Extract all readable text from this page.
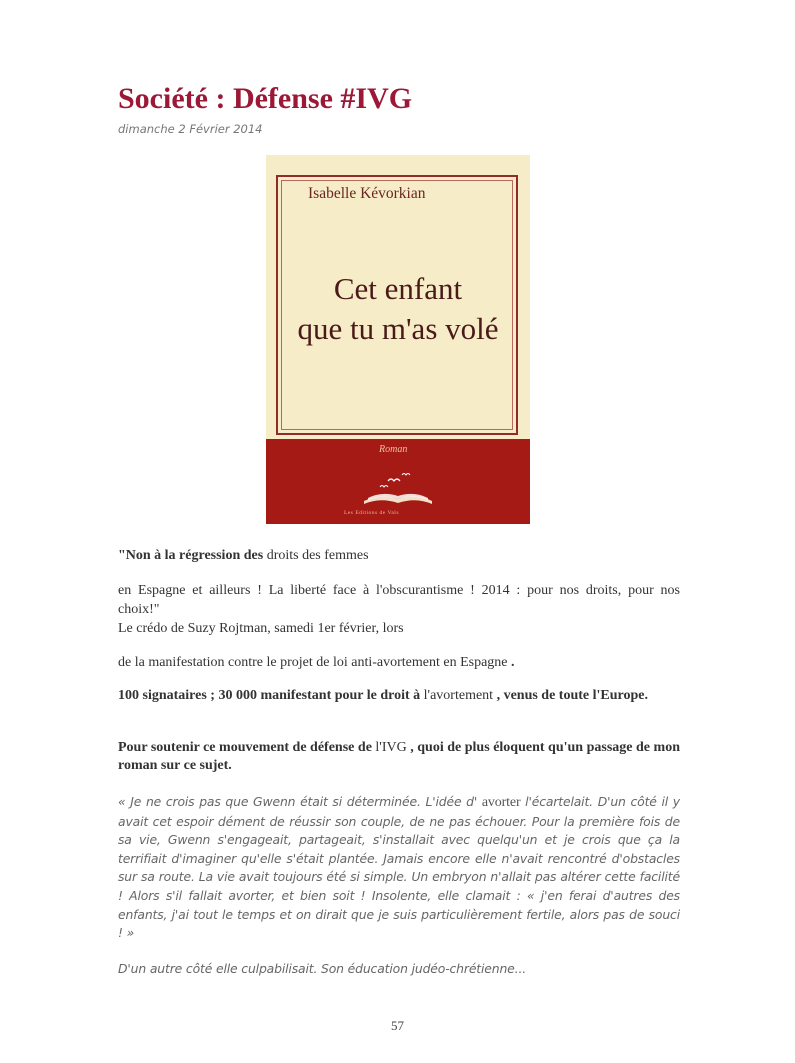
Société : Défense #IVG
dimanche 2 Février 2014
Isabelle Kévorkian
Cet enfant
que tu m'as volé
Roman
Les Editions de Vals
"Non à la régression des droits des femmes
en Espagne et ailleurs ! La liberté face à l'obscurantisme ! 2014 : pour nos droits, pour nos
choix!"
Le crédo de Suzy Rojtman, samedi 1er février, lors
de la manifestation contre le projet de loi anti-avortement en Espagne .
100 signataires ; 30 000 manifestant pour le droit à l'avortement , venus de toute l'Europe.
Pour soutenir ce mouvement de défense de l'IVG , quoi de plus éloquent qu'un passage de mon roman sur ce sujet.
« Je ne crois pas que Gwenn était si déterminée. L'idée d' avorter l'écartelait. D'un côté il y avait cet espoir dément de réussir son couple, de ne pas échouer. Pour la première fois de sa vie, Gwenn s'engageait, partageait, s'installait avec quelqu'un et je crois que ça la terrifiait d'imaginer qu'elle s'était plantée. Jamais encore elle n'avait rencontré d'obstacles sur sa route. La vie avait toujours été si simple. Un embryon n'allait pas altérer cette facilité ! Alors s'il fallait avorter, et bien soit ! Insolente, elle clamait : « j'en ferai d'autres des enfants, j'ai tout le temps et on dirait que je suis particulièrement fertile, alors pas de souci ! »
D'un autre côté elle culpabilisait. Son éducation judéo-chrétienne...
57
